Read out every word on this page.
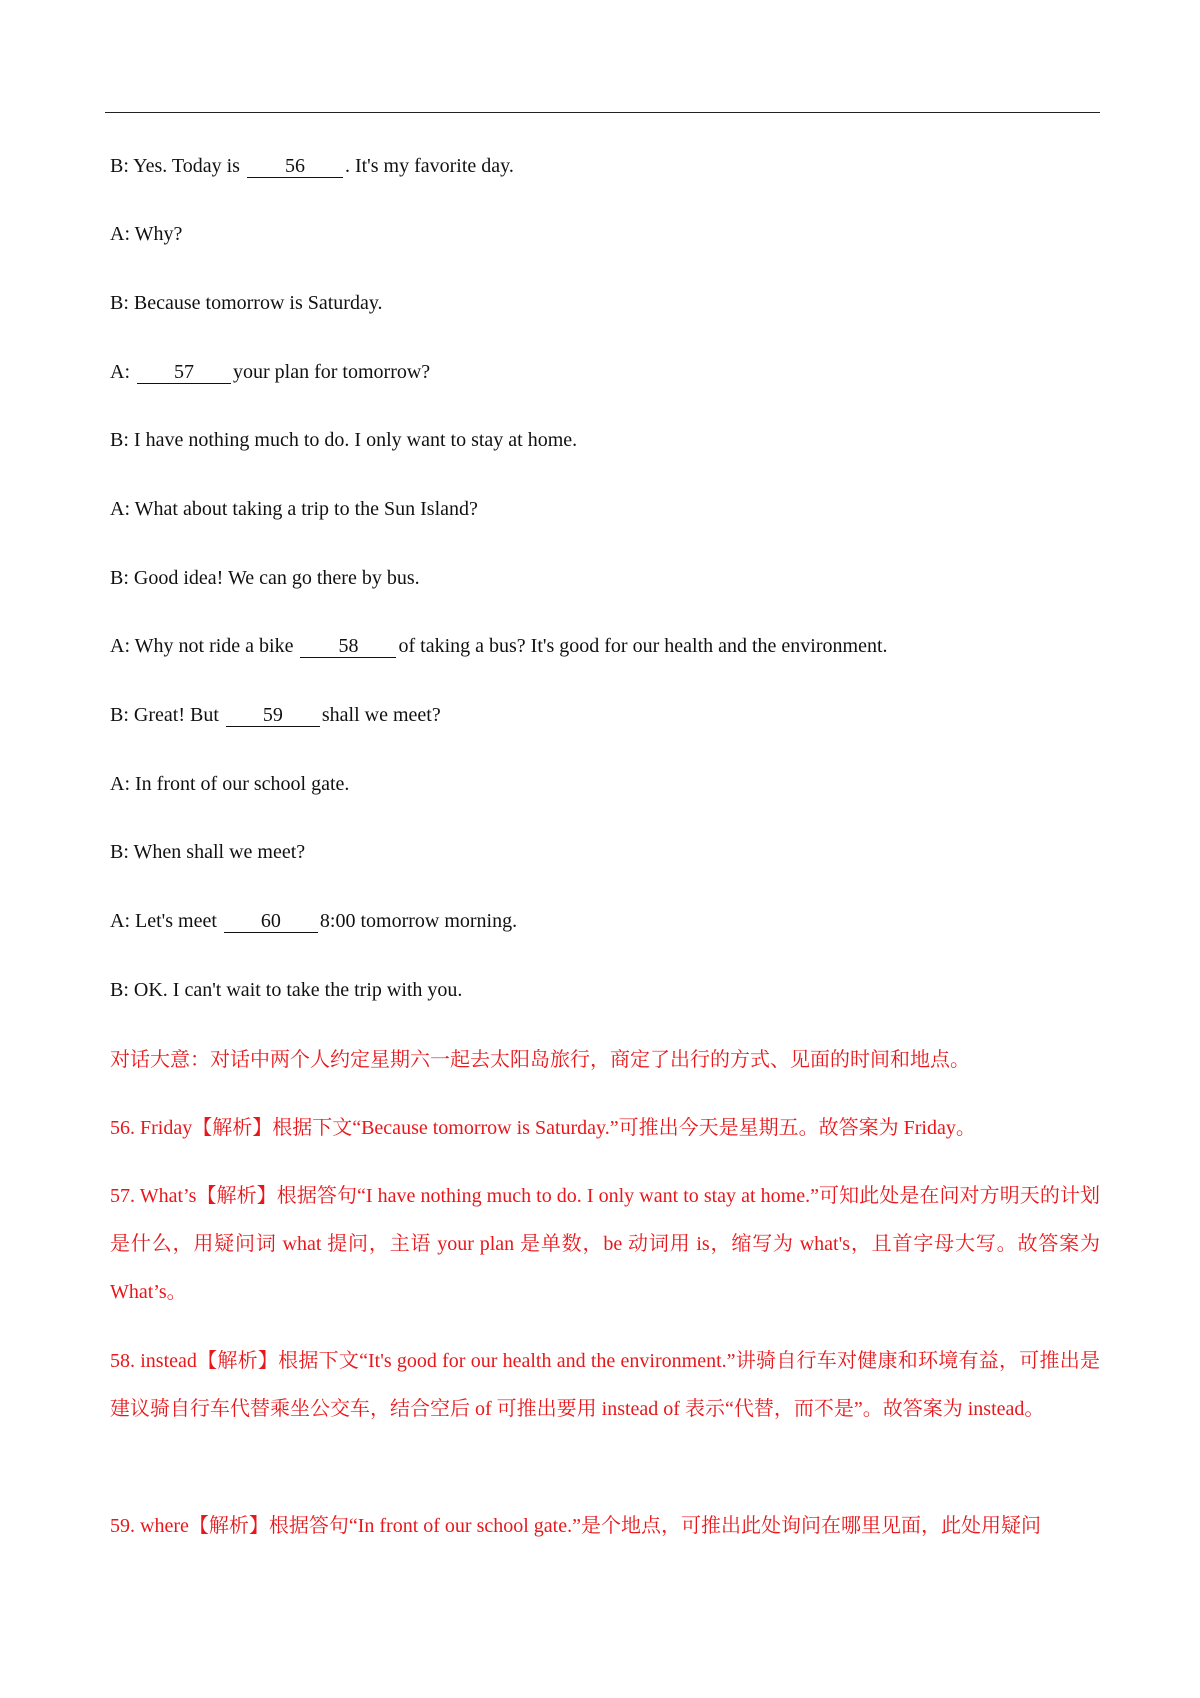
B: Yes. Today is 56 . It's my favorite day.
A: Why?
B: Because tomorrow is Saturday.
A: 57 your plan for tomorrow?
B: I have nothing much to do. I only want to stay at home.
A: What about taking a trip to the Sun Island?
B: Good idea! We can go there by bus.
A: Why not ride a bike 58 of taking a bus? It's good for our health and the environment.
B: Great! But 59 shall we meet?
A: In front of our school gate.
B: When shall we meet?
A: Let's meet 60 8:00 tomorrow morning.
B: OK. I can't wait to take the trip with you.
对话大意：对话中两个人约定星期六一起去太阳岛旅行，商定了出行的方式、见面的时间和地点。
56. Friday【解析】根据下文“Because tomorrow is Saturday.”可推出今天是星期五。故答案为 Friday。
57. What’s【解析】根据答句“I have nothing much to do. I only want to stay at home.”可知此处是在问对方明天的计划是什么，用疑问词 what 提问，主语 your plan 是单数，be 动词用 is，缩写为 what's，且首字母大写。故答案为 What’s。
58. instead【解析】根据下文“It's good for our health and the environment.”讲骑自行车对健康和环境有益，可推出是建议骑自行车代替乘坐公交车，结合空后 of 可推出要用 instead of 表示“代替，而不是”。故答案为 instead。
59. where【解析】根据答句“In front of our school gate.”是个地点，可推出此处询问在哪里见面，此处用疑问
